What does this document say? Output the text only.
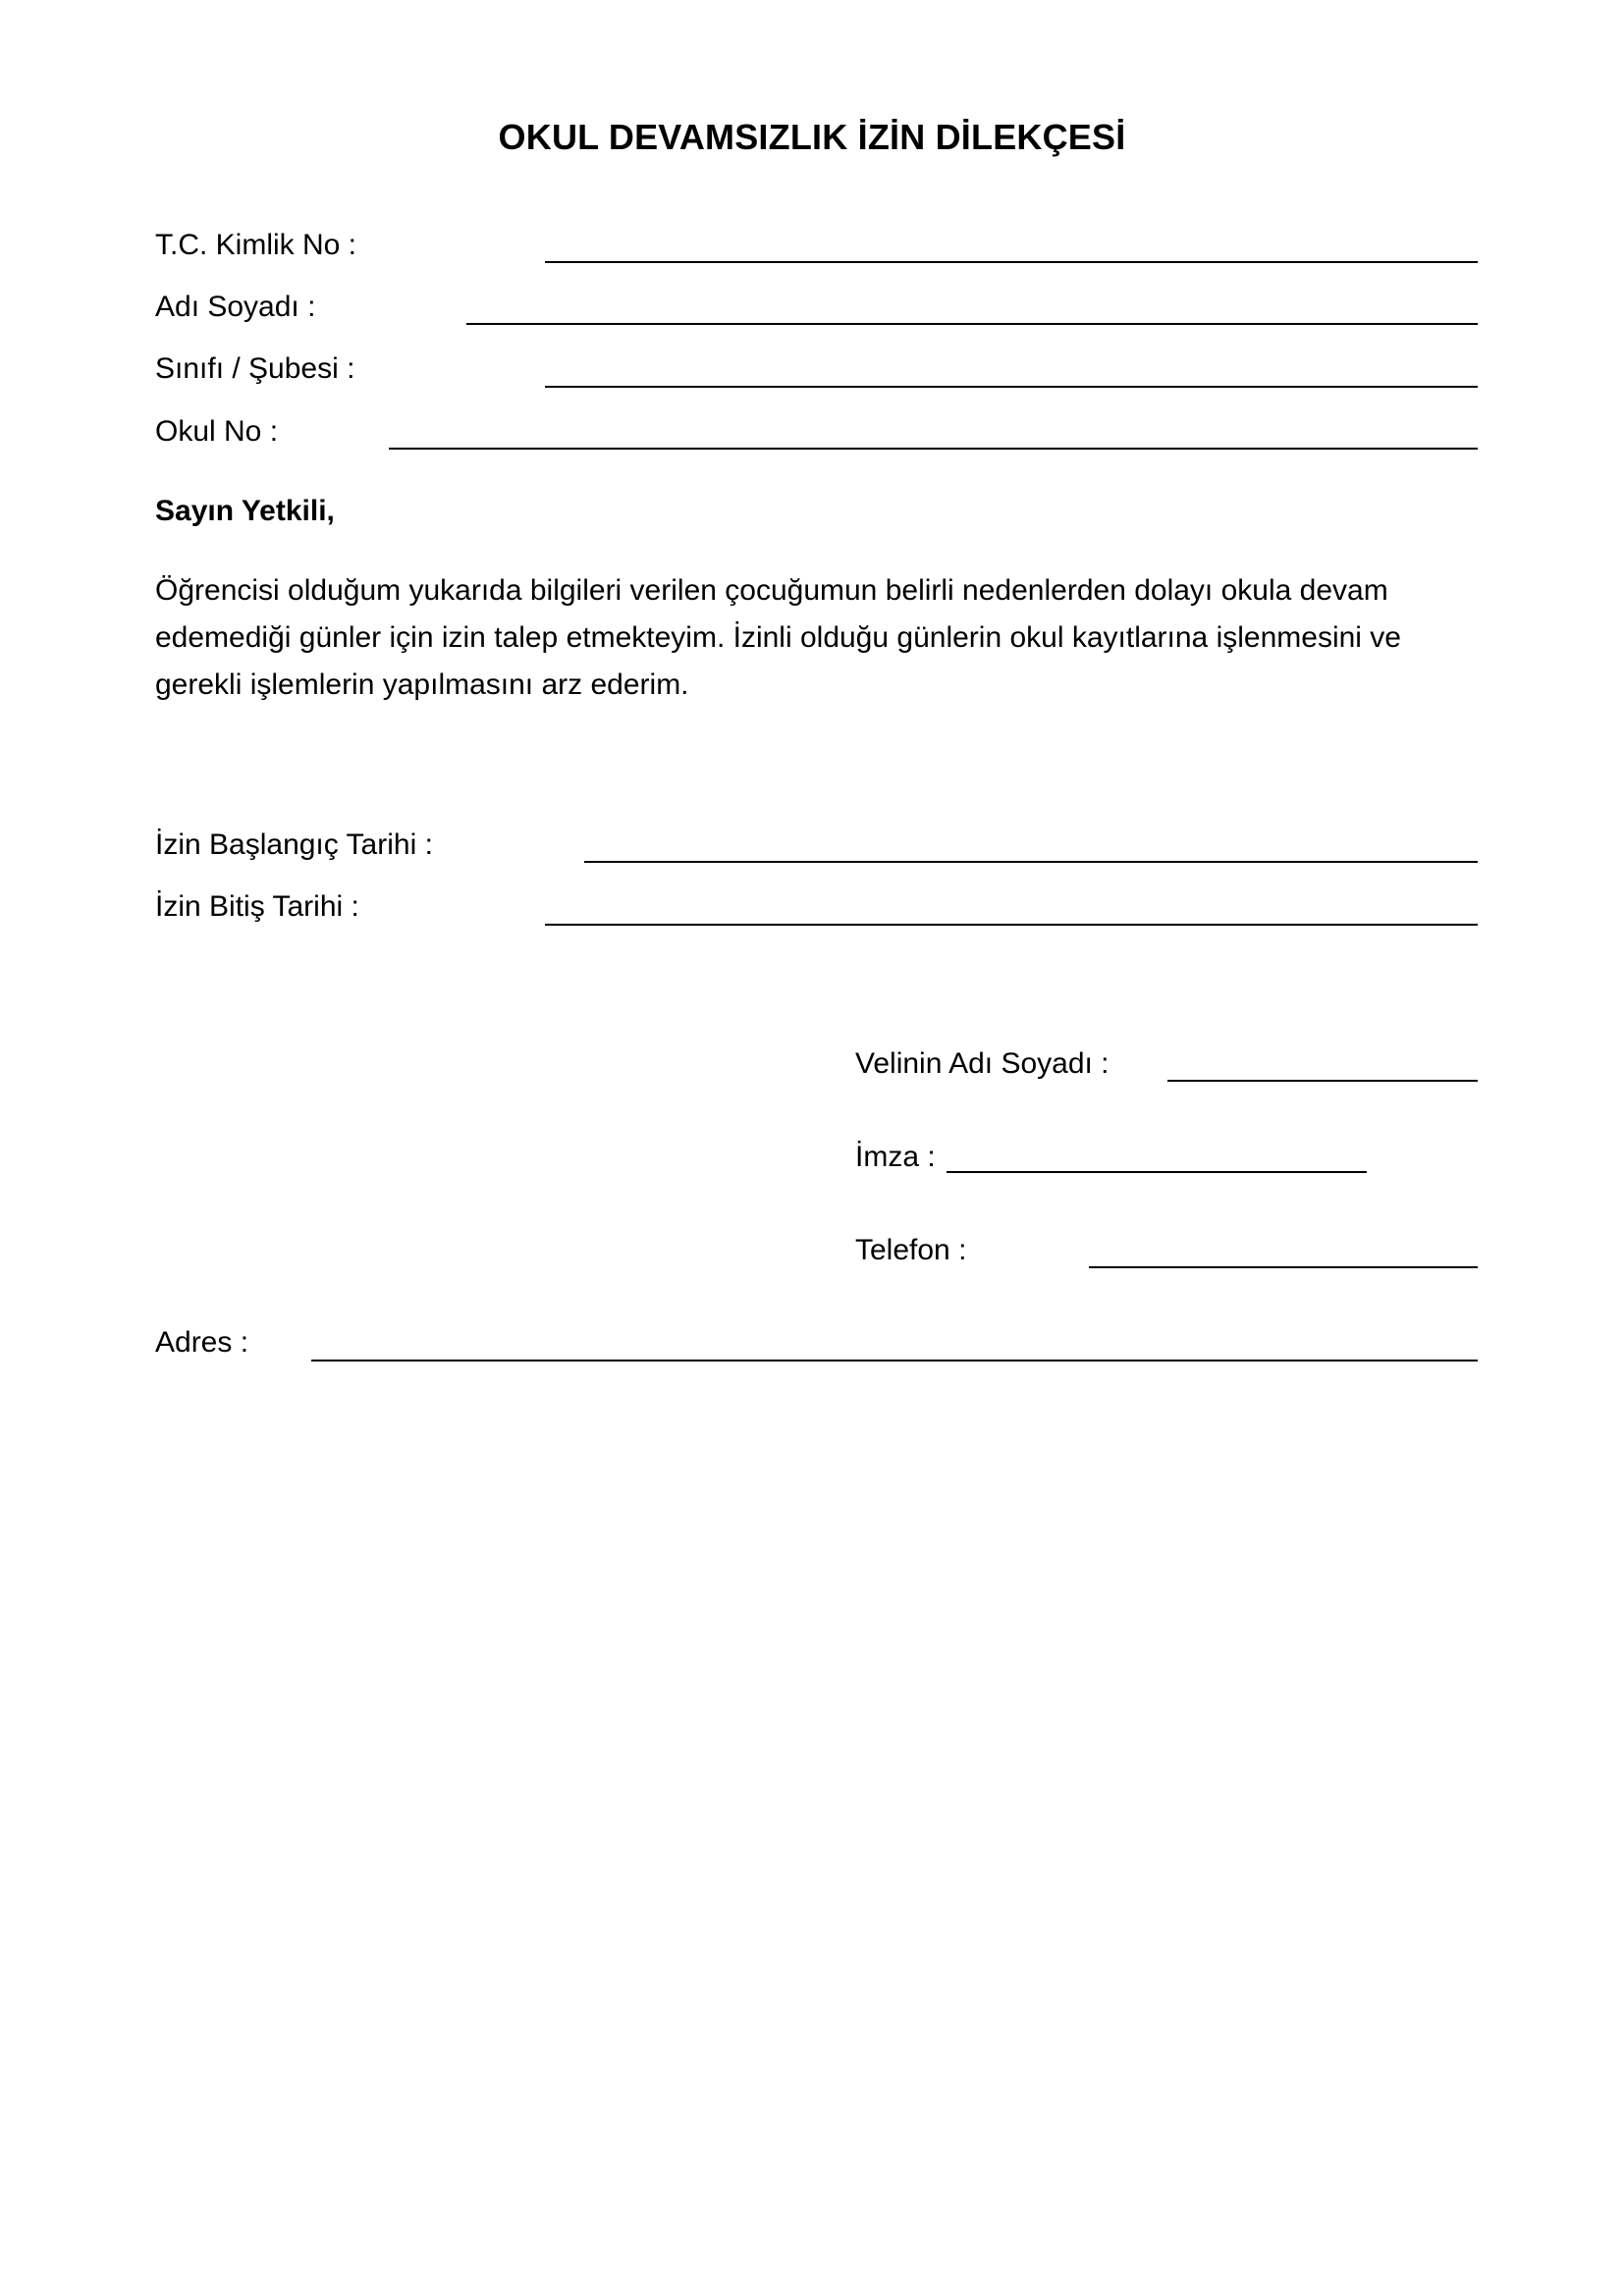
OKUL DEVAMSIZLIK İZİN DİLEKÇESİ
T.C. Kimlik No :
Adı Soyadı :
Sınıfı / Şubesi :
Okul No :
Sayın Yetkili,
Öğrencisi olduğum yukarıda bilgileri verilen çocuğumun belirli nedenlerden dolayı okula devam
edemediği günler için izin talep etmekteyim. İzinli olduğu günlerin okul kayıtlarına işlenmesini ve
gerekli işlemlerin yapılmasını arz ederim.
İzin Başlangıç Tarihi :
İzin Bitiş Tarihi :
Velinin Adı Soyadı :
İmza :
Telefon :
Adres :
